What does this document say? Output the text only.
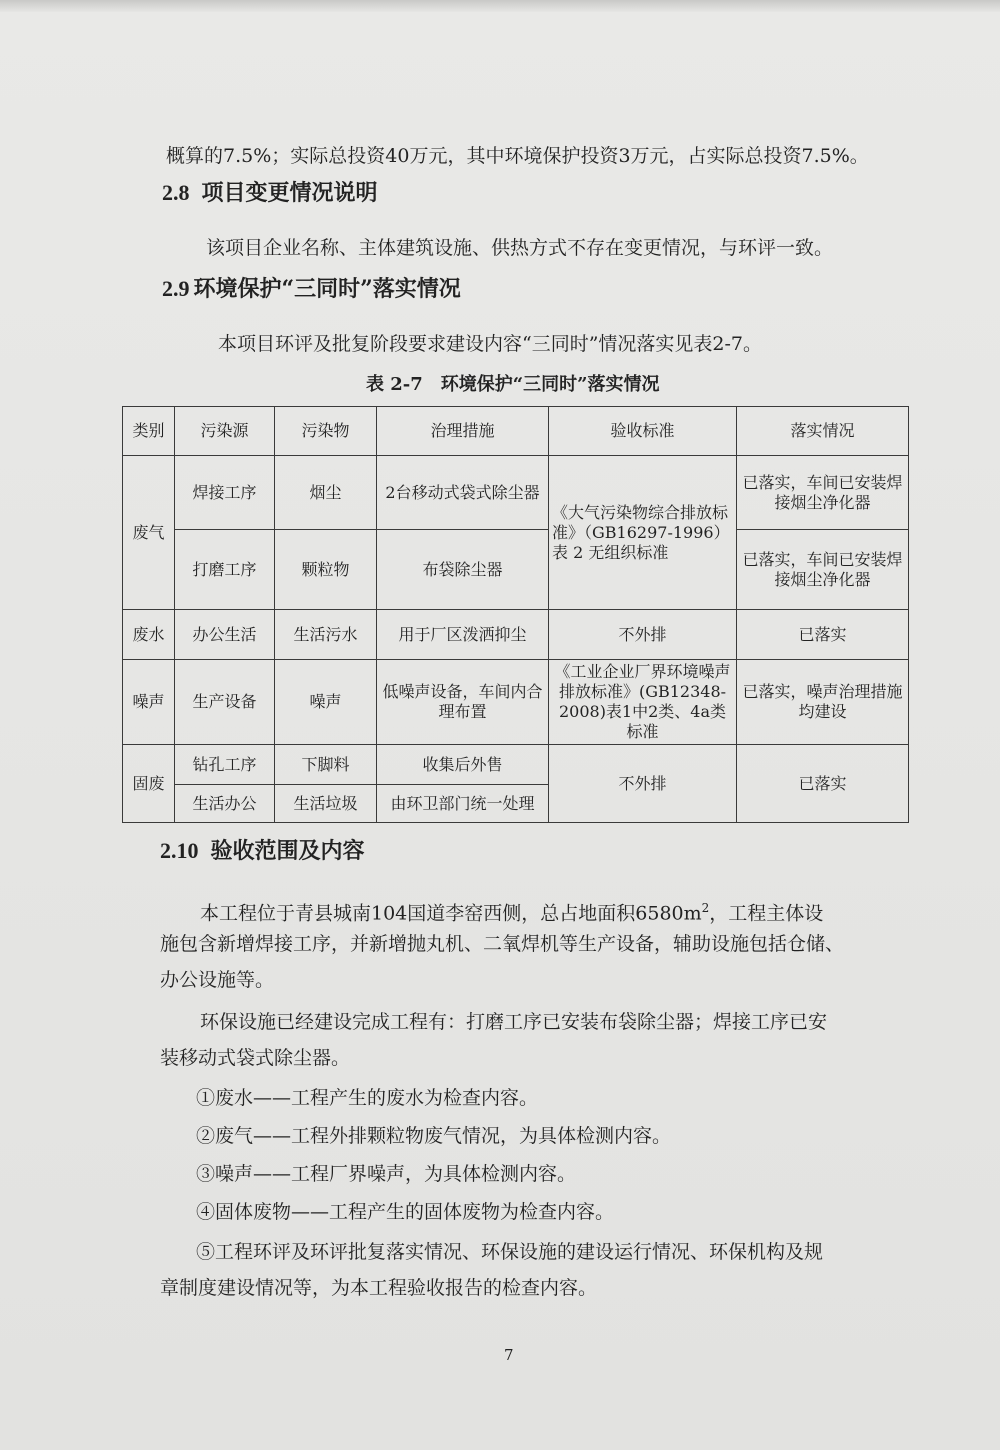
概算的7.5%；实际总投资40万元，其中环境保护投资3万元，占实际总投资7.5%。
2.8 项目变更情况说明
该项目企业名称、主体建筑设施、供热方式不存在变更情况，与环评一致。
2.9 环境保护“三同时”落实情况
本项目环评及批复阶段要求建设内容“三同时”情况落实见表2-7。
表 2-7　环境保护“三同时”落实情况
类别	污染源	污染物	治理措施	验收标准	落实情况
废气	焊接工序	烟尘	2台移动式袋式除尘器	《大气污染物综合排放标准》（GB16297-1996）表 2 无组织标准	已落实，车间已安装焊接烟尘净化器
	打磨工序	颗粒物	布袋除尘器		已落实，车间已安装焊接烟尘净化器
废水	办公生活	生活污水	用于厂区泼洒抑尘	不外排	已落实
噪声	生产设备	噪声	低噪声设备，车间内合理布置	《工业企业厂界环境噪声排放标准》(GB12348-2008)表1中2类、4a类标准	已落实，噪声治理措施均建设
固废	钻孔工序	下脚料	收集后外售	不外排	已落实
	生活办公	生活垃圾	由环卫部门统一处理		
2.10 验收范围及内容
本工程位于青县城南104国道李窑西侧，总占地面积$6580m^2$，工程主体设
施包含新增焊接工序，并新增抛丸机、二氧焊机等生产设备，辅助设施包括仓储、
办公设施等。
环保设施已经建设完成工程有：打磨工序已安装布袋除尘器；焊接工序已安
装移动式袋式除尘器。
①废水——工程产生的废水为检查内容。
②废气——工程外排颗粒物废气情况，为具体检测内容。
③噪声——工程厂界噪声，为具体检测内容。
④固体废物——工程产生的固体废物为检查内容。
⑤工程环评及环评批复落实情况、环保设施的建设运行情况、环保机构及规
章制度建设情况等，为本工程验收报告的检查内容。
7
